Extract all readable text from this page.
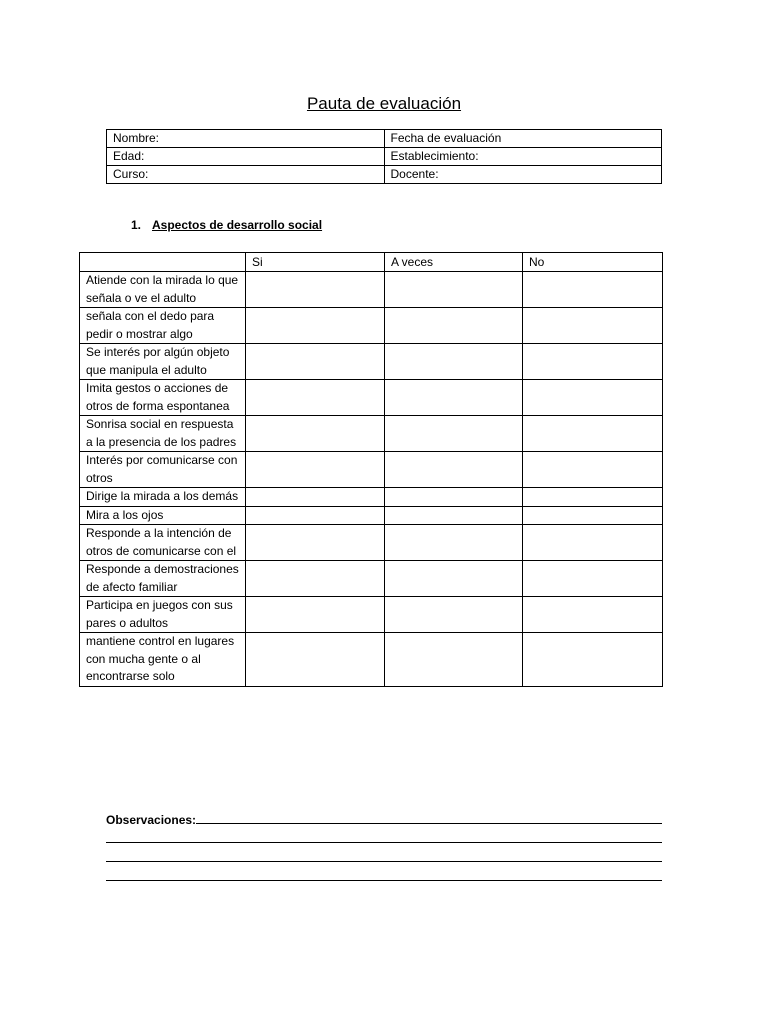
Pauta de evaluación
Nombre:	Fecha de evaluación
Edad:	Establecimiento:
Curso:	Docente:
1. Aspectos de desarrollo social
	Si	A veces	No
Atiende con la mirada lo que señala o ve el adulto			
señala con el dedo para pedir o mostrar algo			
Se interés por algún objeto que manipula el adulto			
Imita gestos o acciones de otros de forma espontanea			
Sonrisa social en respuesta a la presencia de los padres			
Interés por comunicarse con otros			
Dirige la mirada a los demás			
Mira a los ojos			
Responde a la intención de otros de comunicarse con el			
Responde a demostraciones de afecto familiar			
Participa en juegos con sus pares o adultos			
mantiene control en lugares con mucha gente o al encontrarse solo			
Observaciones:
